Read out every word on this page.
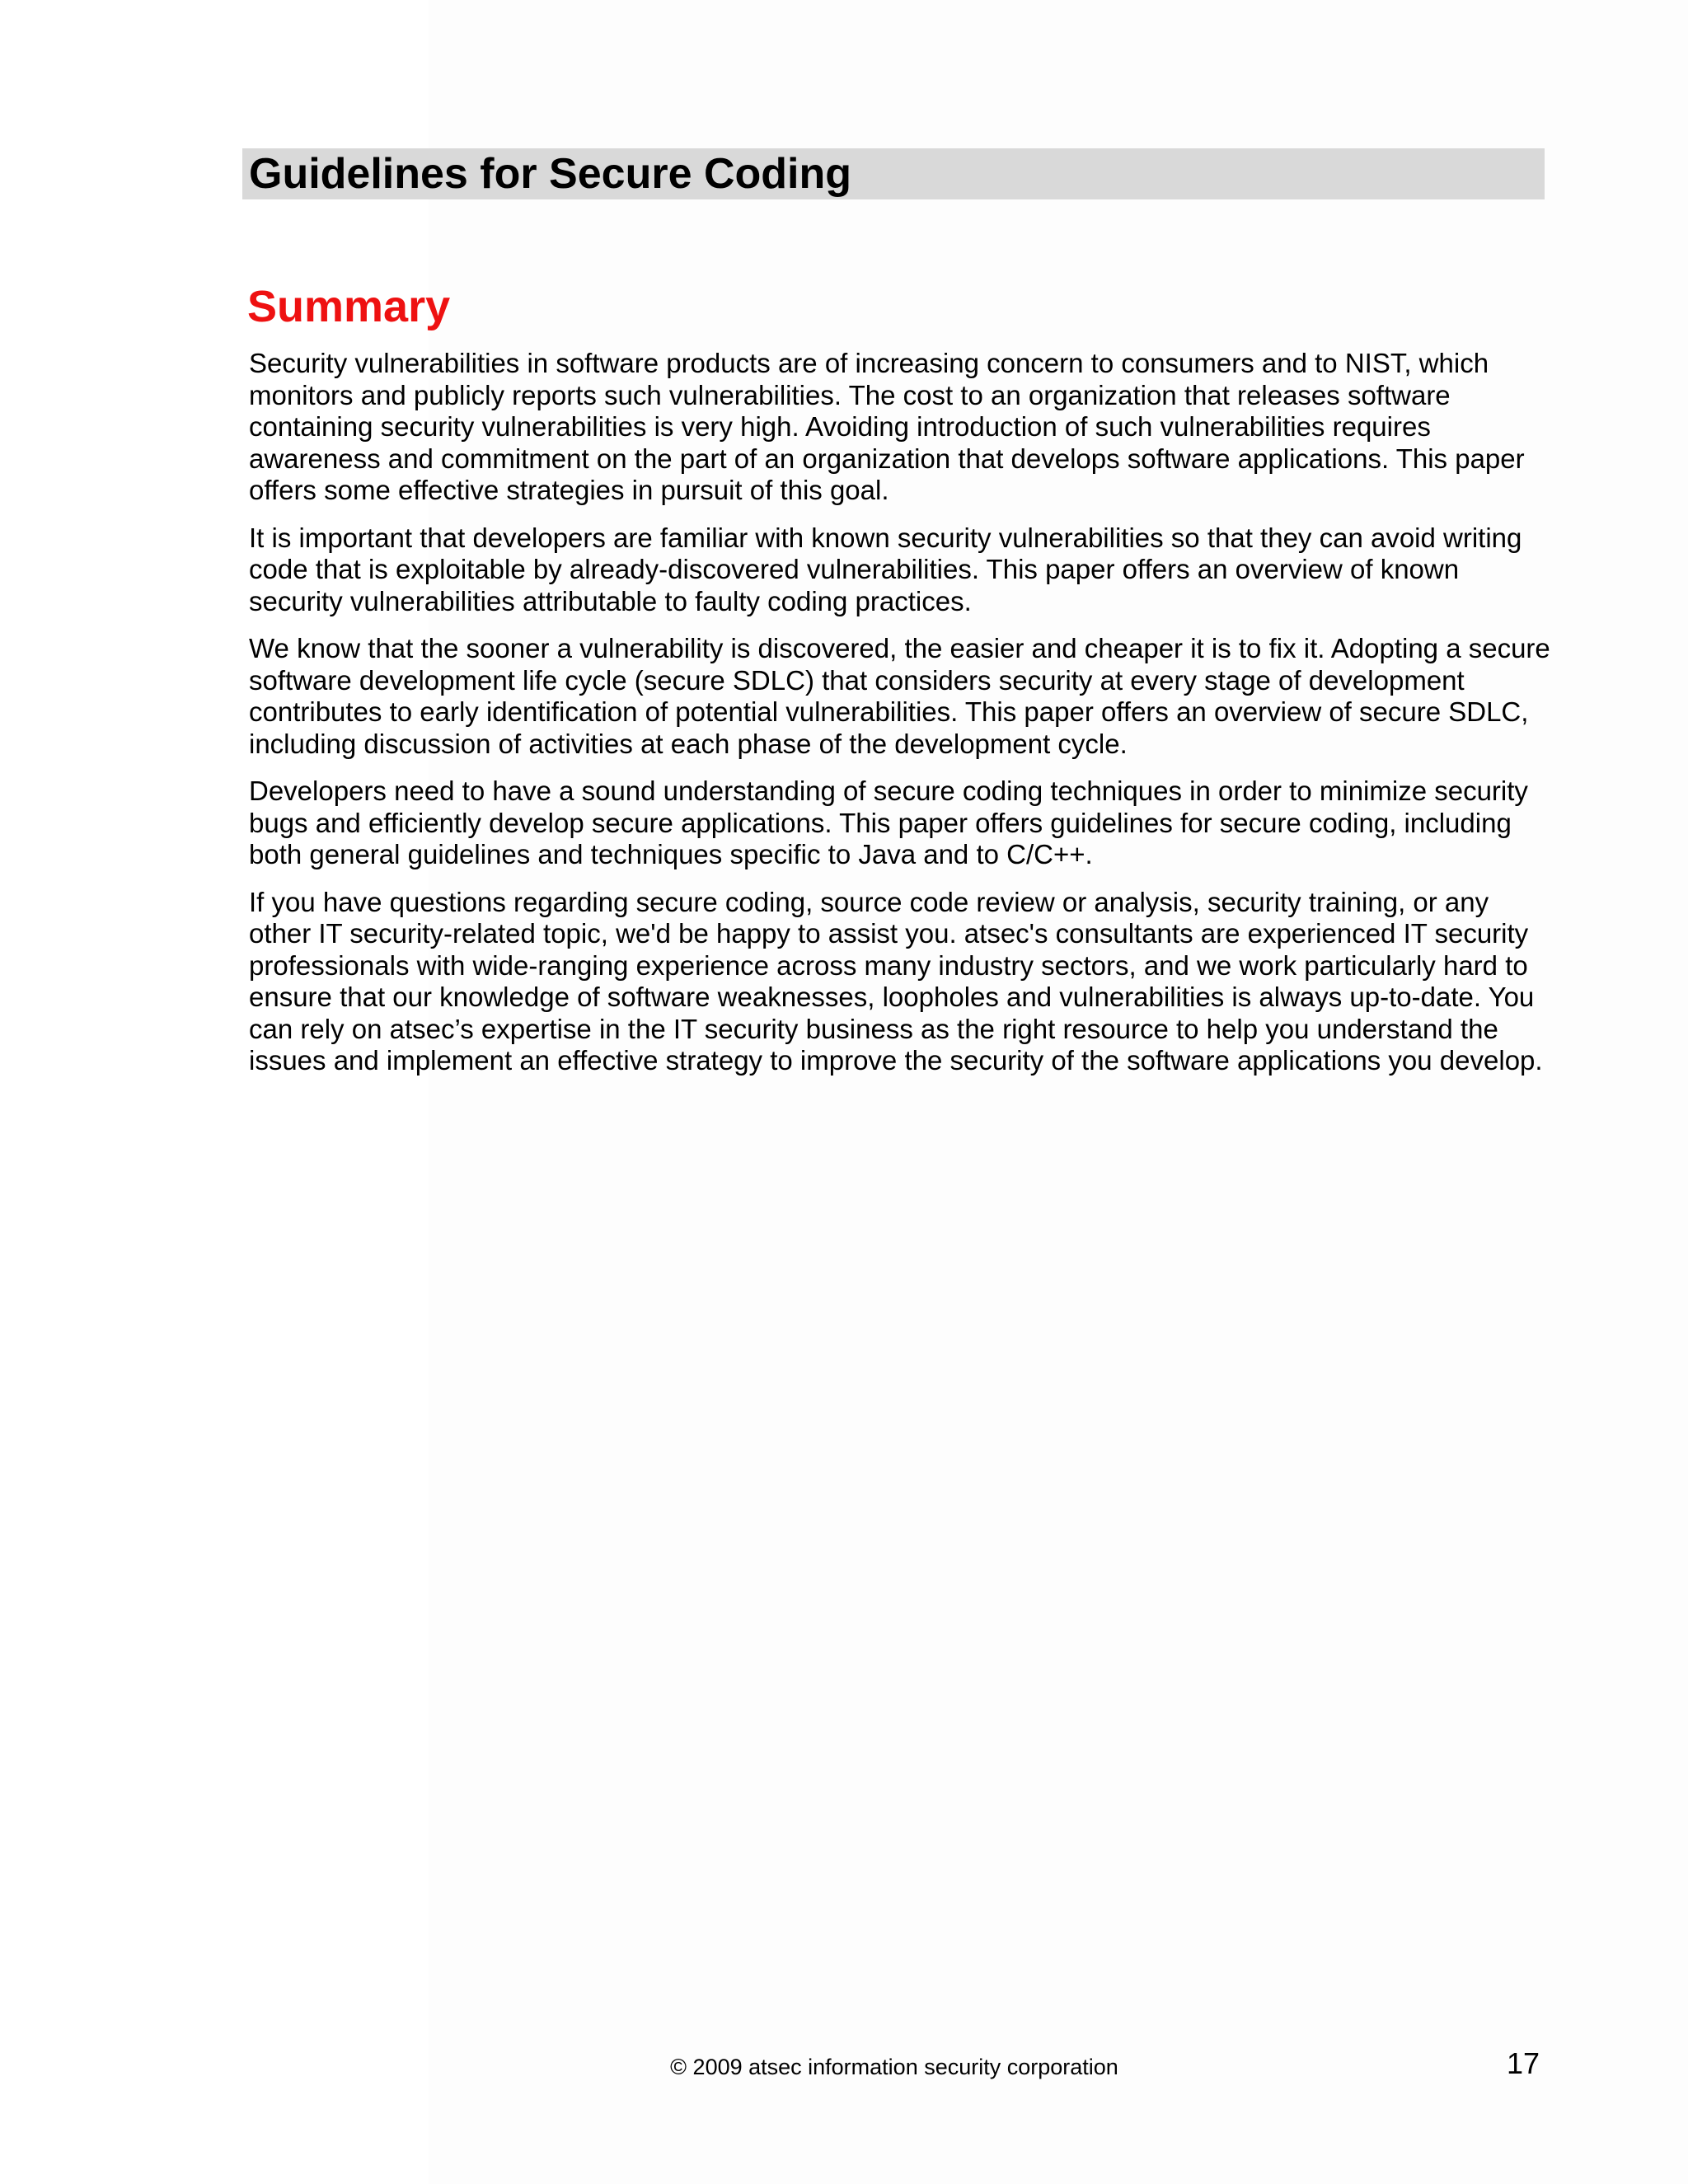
Guidelines for Secure Coding
Summary

Security vulnerabilities in software products are of increasing concern to consumers and to NIST, which monitors and publicly reports such vulnerabilities. The cost to an organization that releases software containing security vulnerabilities is very high. Avoiding introduction of such vulnerabilities requires awareness and commitment on the part of an organization that develops software applications. This paper offers some effective strategies in pursuit of this goal.

It is important that developers are familiar with known security vulnerabilities so that they can avoid writing code that is exploitable by already-discovered vulnerabilities. This paper offers an overview of known security vulnerabilities attributable to faulty coding practices.

We know that the sooner a vulnerability is discovered, the easier and cheaper it is to fix it. Adopting a secure software development life cycle (secure SDLC) that considers security at every stage of development contributes to early identification of potential vulnerabilities. This paper offers an overview of secure SDLC, including discussion of activities at each phase of the development cycle.

Developers need to have a sound understanding of secure coding techniques in order to minimize security bugs and efficiently develop secure applications. This paper offers guidelines for secure coding, including both general guidelines and techniques specific to Java and to C/C++.

If you have questions regarding secure coding, source code review or analysis, security training, or any other IT security-related topic, we'd be happy to assist you. atsec's consultants are experienced IT security professionals with wide-ranging experience across many industry sectors, and we work particularly hard to ensure that our knowledge of software weaknesses, loopholes and vulnerabilities is always up-to-date. You can rely on atsec’s expertise in the IT security business as the right resource to help you understand the issues and implement an effective strategy to improve the security of the software applications you develop.

© 2009 atsec information security corporation	17
